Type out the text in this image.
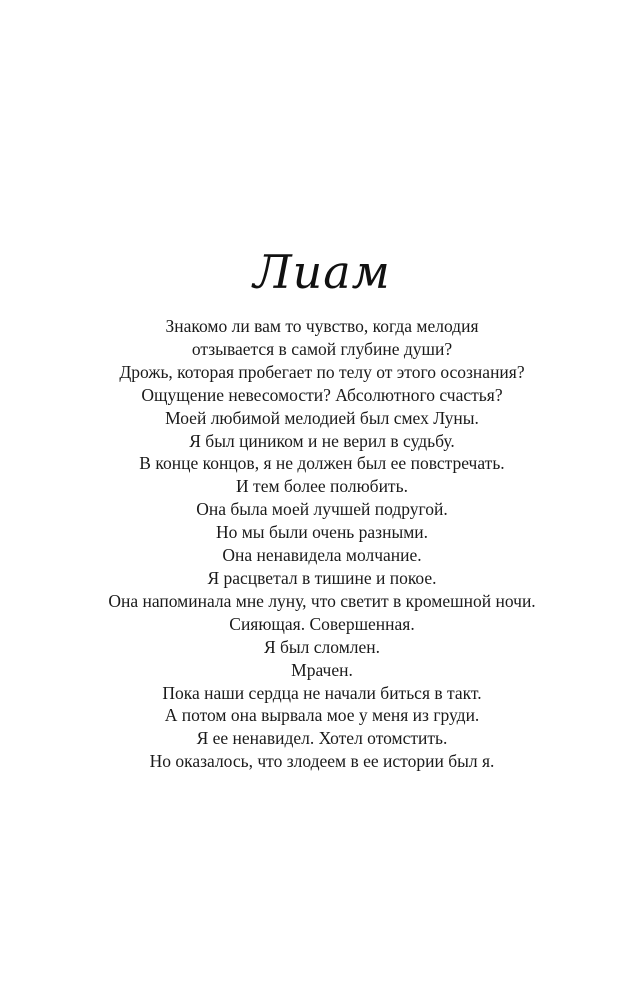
Лиам
Знакомо ли вам то чувство, когда мелодия
отзывается в самой глубине души?
Дрожь, которая пробегает по телу от этого осознания?
Ощущение невесомости? Абсолютного счастья?
Моей любимой мелодией был смех Луны.
Я был циником и не верил в судьбу.
В конце концов, я не должен был ее повстречать.
И тем более полюбить.
Она была моей лучшей подругой.
Но мы были очень разными.
Она ненавидела молчание.
Я расцветал в тишине и покое.
Она напоминала мне луну, что светит в кромешной ночи.
Сияющая. Совершенная.
Я был сломлен.
Мрачен.
Пока наши сердца не начали биться в такт.
А потом она вырвала мое у меня из груди.
Я ее ненавидел. Хотел отомстить.
Но оказалось, что злодеем в ее истории был я.
